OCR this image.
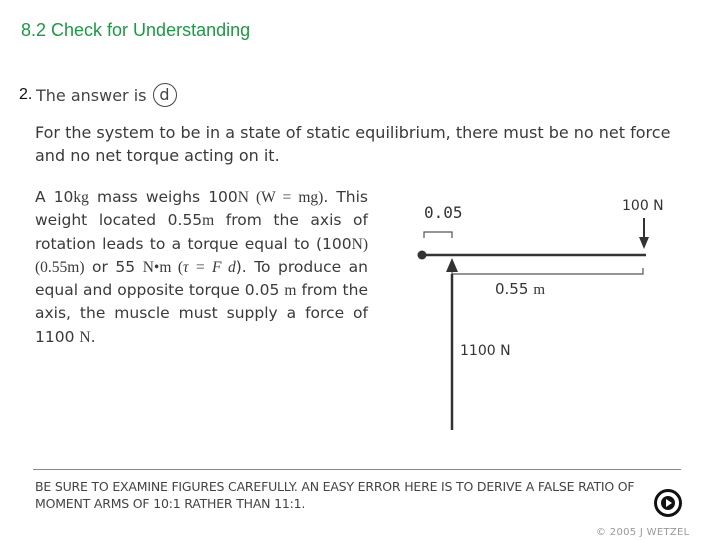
8.2 Check for Understanding
2. The answer is d
For the system to be in a state of static equilibrium, there must be no net force and no net torque acting on it.
A 10kg mass weighs 100N (W = mg). This weight located 0.55m from the axis of rotation leads to a torque equal to (100N)(0.55m) or 55 N•m (τ = F d). To produce an equal and opposite torque 0.05 m from the axis, the muscle must supply a force of 1100 N.
0.05	100 N
0.55 m
1100 N
BE SURE TO EXAMINE FIGURES CAREFULLY. AN EASY ERROR HERE IS TO DERIVE A FALSE RATIO OF MOMENT ARMS OF 10:1 RATHER THAN 11:1.
© 2005 J WETZEL
